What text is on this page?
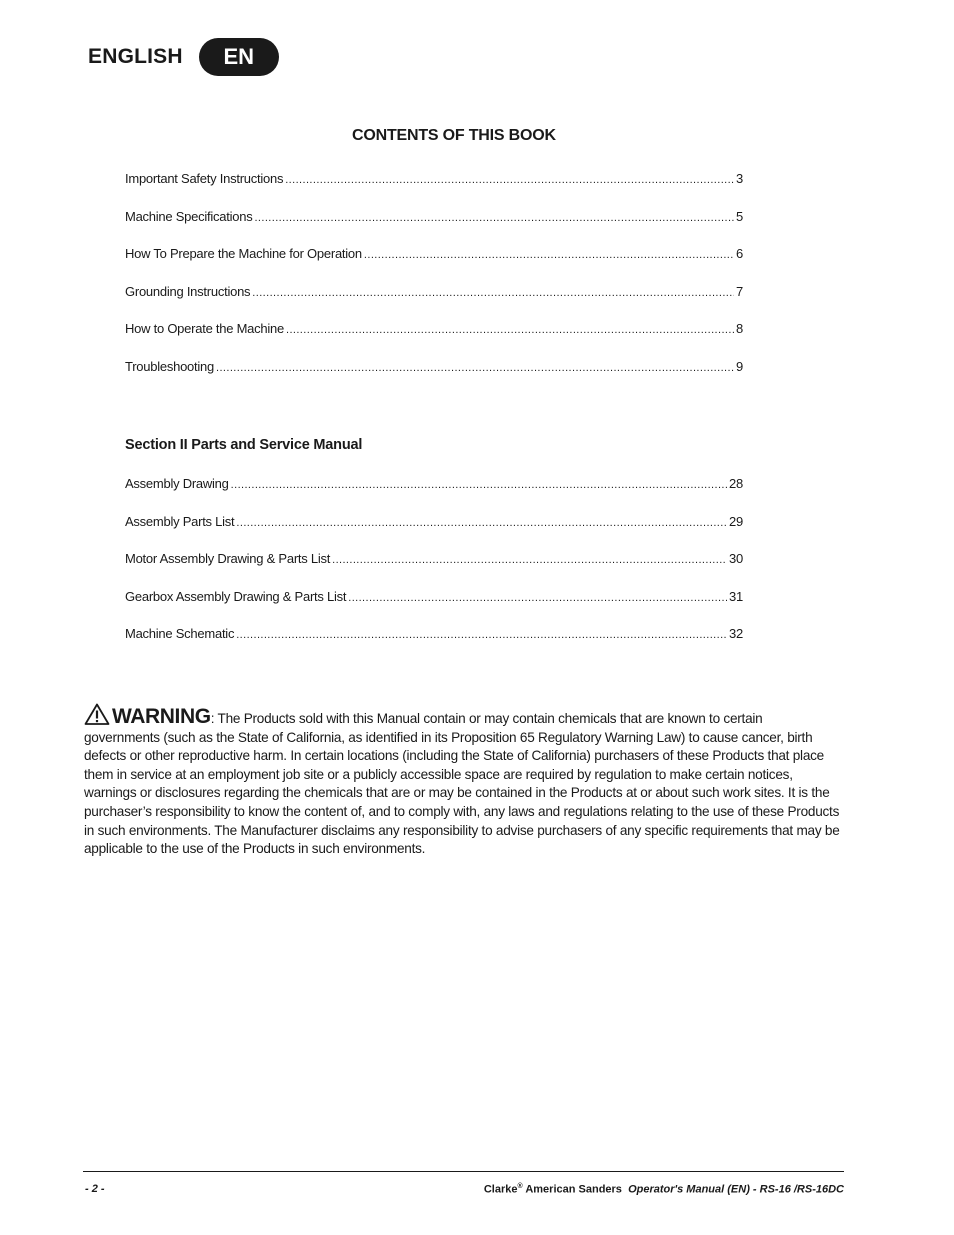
ENGLISH	EN
CONTENTS OF THIS BOOK
Important Safety Instructions .....	3
Machine Specifications .....	5
How To Prepare the Machine for Operation .....	6
Grounding Instructions .....	7
How to Operate the Machine .....	8
Troubleshooting .....	9
Section II Parts and Service Manual
Assembly Drawing .....	28
Assembly Parts List .....	29
Motor Assembly Drawing & Parts List .....	30
Gearbox Assembly Drawing & Parts List .....	31
Machine Schematic .....	32
WARNING: The Products sold with this Manual contain or may contain chemicals that are known to certain governments (such as the State of California, as identified in its Proposition 65 Regulatory Warning Law) to cause cancer, birth defects or other reproductive harm. In certain locations (including the State of California) purchasers of these Products that place them in service at an employment job site or a publicly accessible space are required by regulation to make certain notices, warnings or disclosures regarding the chemicals that are or may be contained in the Products at or about such work sites. It is the purchaser’s responsibility to know the content of, and to comply with, any laws and regulations relating to the use of these Products in such environments. The Manufacturer disclaims any responsibility to advise purchasers of any specific requirements that may be applicable to the use of the Products in such environments.
- 2 -	Clarke® American Sanders Operator's Manual (EN) - RS-16 /RS-16DC
